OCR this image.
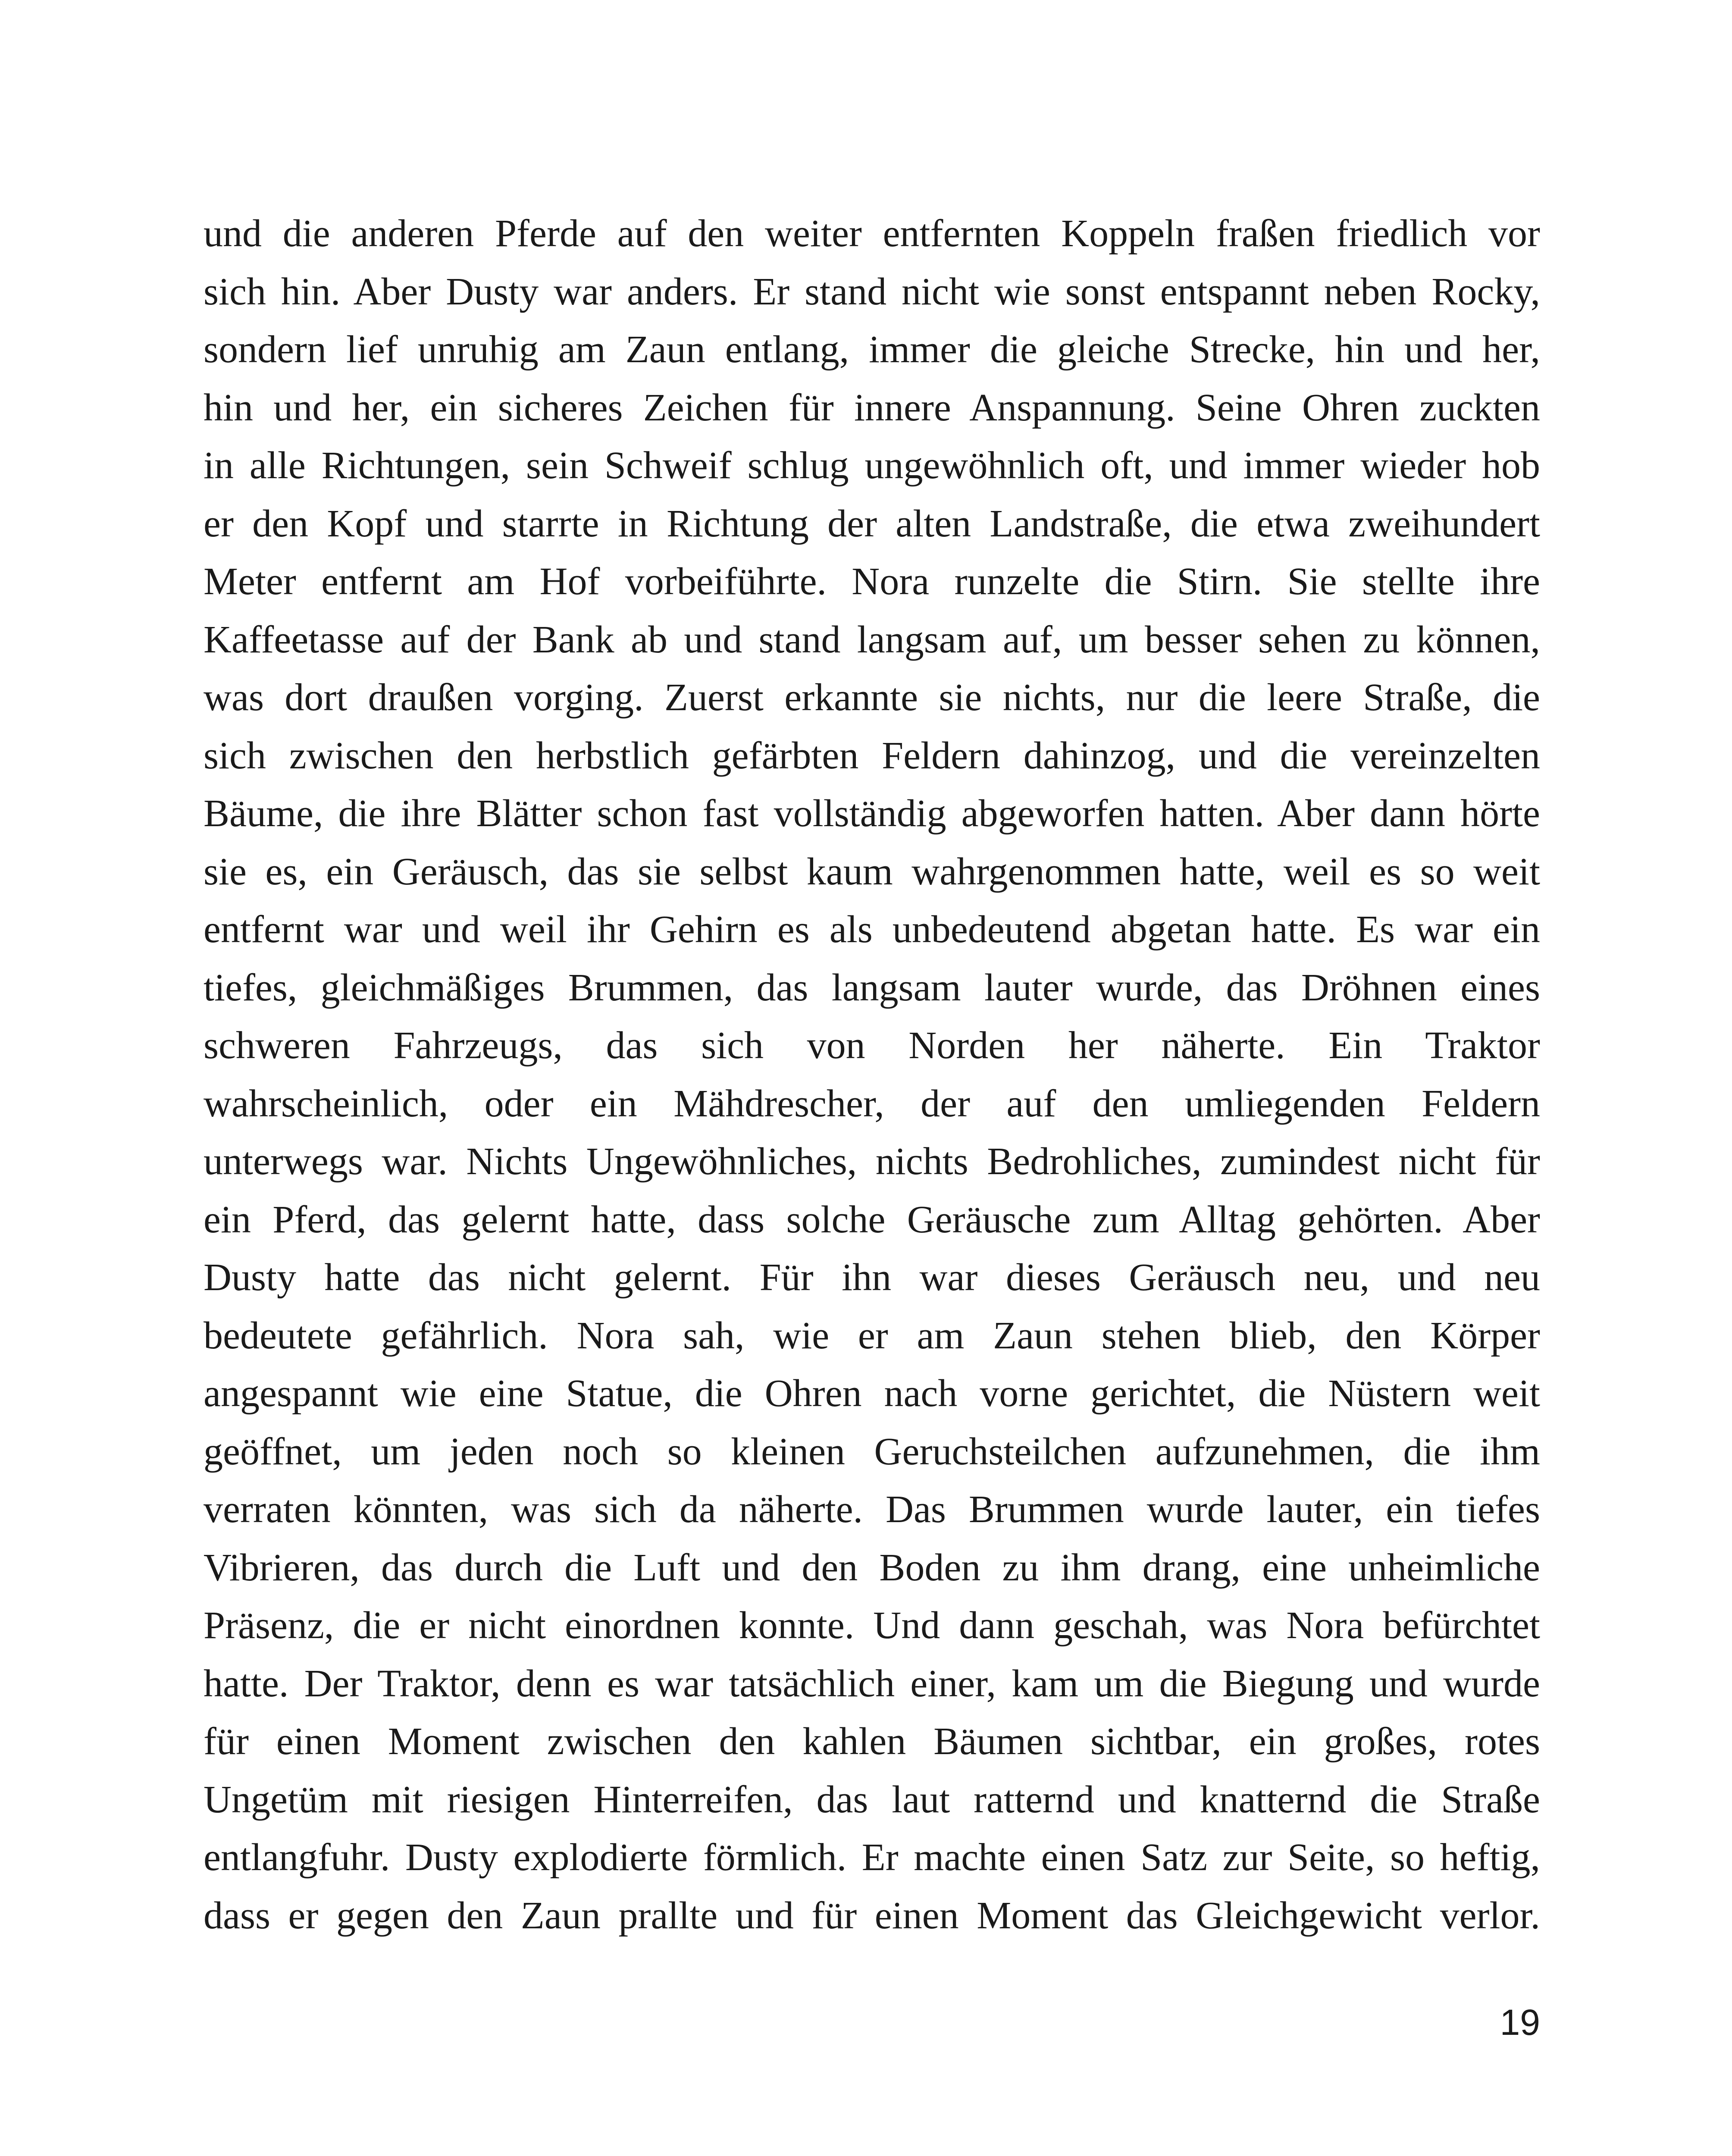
und die anderen Pferde auf den weiter entfernten Koppeln fraßen friedlich vor
sich hin. Aber Dusty war anders. Er stand nicht wie sonst entspannt neben Rocky,
sondern lief unruhig am Zaun entlang, immer die gleiche Strecke, hin und her,
hin und her, ein sicheres Zeichen für innere Anspannung. Seine Ohren zuckten
in alle Richtungen, sein Schweif schlug ungewöhnlich oft, und immer wieder hob
er den Kopf und starrte in Richtung der alten Landstraße, die etwa zweihundert
Meter entfernt am Hof vorbeiführte. Nora runzelte die Stirn. Sie stellte ihre
Kaffeetasse auf der Bank ab und stand langsam auf, um besser sehen zu können,
was dort draußen vorging. Zuerst erkannte sie nichts, nur die leere Straße, die
sich zwischen den herbstlich gefärbten Feldern dahinzog, und die vereinzelten
Bäume, die ihre Blätter schon fast vollständig abgeworfen hatten. Aber dann hörte
sie es, ein Geräusch, das sie selbst kaum wahrgenommen hatte, weil es so weit
entfernt war und weil ihr Gehirn es als unbedeutend abgetan hatte. Es war ein
tiefes, gleichmäßiges Brummen, das langsam lauter wurde, das Dröhnen eines
schweren Fahrzeugs, das sich von Norden her näherte. Ein Traktor
wahrscheinlich, oder ein Mähdrescher, der auf den umliegenden Feldern
unterwegs war. Nichts Ungewöhnliches, nichts Bedrohliches, zumindest nicht für
ein Pferd, das gelernt hatte, dass solche Geräusche zum Alltag gehörten. Aber
Dusty hatte das nicht gelernt. Für ihn war dieses Geräusch neu, und neu
bedeutete gefährlich. Nora sah, wie er am Zaun stehen blieb, den Körper
angespannt wie eine Statue, die Ohren nach vorne gerichtet, die Nüstern weit
geöffnet, um jeden noch so kleinen Geruchsteilchen aufzunehmen, die ihm
verraten könnten, was sich da näherte. Das Brummen wurde lauter, ein tiefes
Vibrieren, das durch die Luft und den Boden zu ihm drang, eine unheimliche
Präsenz, die er nicht einordnen konnte. Und dann geschah, was Nora befürchtet
hatte. Der Traktor, denn es war tatsächlich einer, kam um die Biegung und wurde
für einen Moment zwischen den kahlen Bäumen sichtbar, ein großes, rotes
Ungetüm mit riesigen Hinterreifen, das laut ratternd und knatternd die Straße
entlangfuhr. Dusty explodierte förmlich. Er machte einen Satz zur Seite, so heftig,
dass er gegen den Zaun prallte und für einen Moment das Gleichgewicht verlor.
19
